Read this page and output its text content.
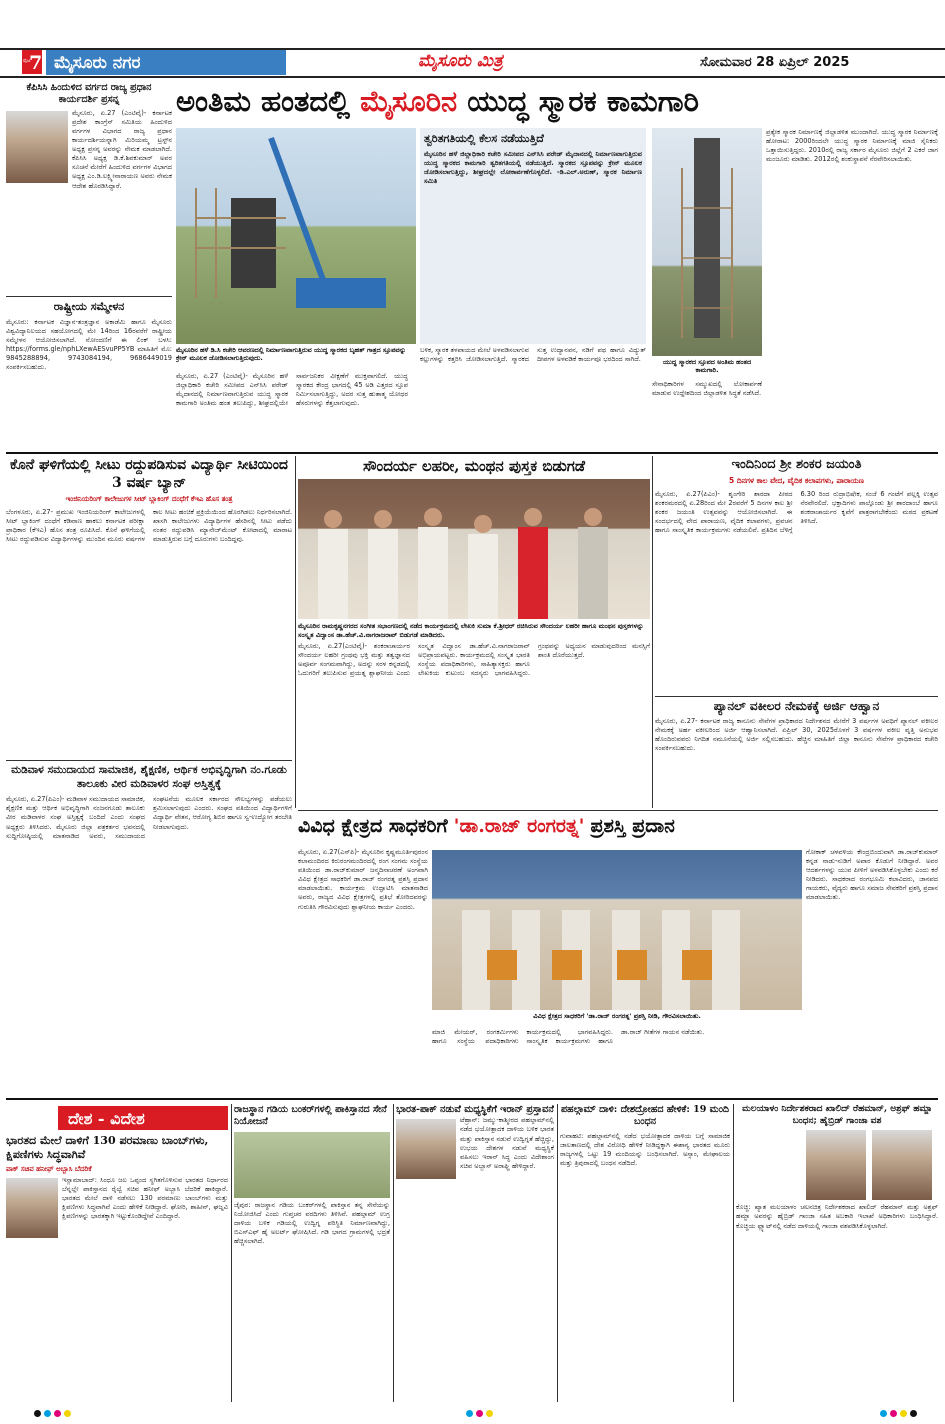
ಪುಟ
7 ಮೈಸೂರು ನಗರ	ಮೈಸೂರು ಮಿತ್ರ	ಸೋಮವಾರ 28 ಏಪ್ರಿಲ್ 2025
ಕೆಪಿಸಿಸಿ ಹಿಂದುಳಿದ ವರ್ಗದ ರಾಜ್ಯ ಪ್ರಧಾನ ಕಾರ್ಯದರ್ಶಿ ಪ್ರಸನ್ನ
ಮೈಸೂರು, ಏ.27 (ಎಂಟಿವೈ)- ಕರ್ನಾಟಕ ಪ್ರದೇಶ ಕಾಂಗ್ರೆಸ್ ಸಮಿತಿಯ ಹಿಂದುಳಿದ ವರ್ಗಗಳ ವಿಭಾಗದ ರಾಜ್ಯ ಪ್ರಧಾನ ಕಾರ್ಯದರ್ಶಿಯನ್ನಾಗಿ ಮಿರಿಯಮ್ಮ ಟ್ರಸ್ಟ್‌ನ ಅಧ್ಯಕ್ಷ ಪ್ರಸನ್ನ ಅವರನ್ನು ನೇಮಕ ಮಾಡಲಾಗಿದೆ. ಕೆಪಿಸಿಸಿ ಅಧ್ಯಕ್ಷ ಡಿ.ಕೆ.ಶಿವಕುಮಾರ್ ಅವರ ಸೂಚನೆ ಮೇರೆಗೆ ಹಿಂದುಳಿದ ವರ್ಗಗಳ ವಿಭಾಗದ ಅಧ್ಯಕ್ಷ ಎಂ.ಡಿ.ಲಕ್ಷ್ಮೀನಾರಾಯಣ ಅವರು ನೇಮಕ ಆದೇಶ ಹೊರಡಿಸಿದ್ದಾರೆ.
ರಾಷ್ಟ್ರೀಯ ಸಮ್ಮೇಳನ
ಮೈಸೂರು: ಕರ್ನಾಟಕ ವಿಜ್ಞಾನ-ತಂತ್ರಜ್ಞಾನ ಅಕಾಡೆಮಿ ಹಾಗೂ ಮೈಸೂರು ವಿಶ್ವವಿದ್ಯಾನಿಲಯದ ಸಹಯೋಗದಲ್ಲಿ ಮೇ 14ರಿಂದ 16ರವರೆಗೆ ರಾಷ್ಟ್ರೀಯ ಸಮ್ಮೇಳನ ಆಯೋಜಿಸಲಾಗಿದೆ. ನೋಂದಣಿಗೆ ಈ ಲಿಂಕ್ ಬಳಸಿ: https://forms.gle/nphLXewAESvuPP5YB ಮಾಹಿತಿಗೆ ಮೊ: 9845288894, 9743084194, 9686449019 ಸಂಪರ್ಕಿಸಬಹುದು.
ಅಂತಿಮ ಹಂತದಲ್ಲಿ ಮೈಸೂರಿನ ಯುದ್ಧ ಸ್ಮಾರಕ ಕಾಮಗಾರಿ
ಮೈಸೂರಿನ ಹಳೆ ಡಿ.ಸಿ ಕಚೇರಿ ಆವರಣದಲ್ಲಿ ನಿರ್ಮಾಣವಾಗುತ್ತಿರುವ ಯುದ್ಧ ಸ್ಮಾರಕದ ಬೃಹತ್ ಗಾತ್ರದ ಸ್ತೂಪವನ್ನು ಕ್ರೇನ್ ಮೂಲಕ ಜೋಡಿಸಲಾಗುತ್ತಿರುವುದು.
ತ್ವರಿತಗತಿಯಲ್ಲಿ ಕೆಲಸ ನಡೆಯುತ್ತಿದೆ
ಮೈಸೂರಿನ ಹಳೆ ಜಿಲ್ಲಾಧಿಕಾರಿ ಕಚೇರಿ ಸಮೀಪದ ಎನ್‌ಸಿಸಿ ಪರೇಡ್ ಮೈದಾನದಲ್ಲಿ ನಿರ್ಮಾಣವಾಗುತ್ತಿರುವ ಯುದ್ಧ ಸ್ಮಾರಕದ ಕಾಮಗಾರಿ ತ್ವರಿತಗತಿಯಲ್ಲಿ ನಡೆಯುತ್ತಿದೆ. ಸ್ಮಾರಕದ ಸ್ತೂಪವನ್ನು ಕ್ರೇನ್ ಮೂಲಕ ಜೋಡಿಸಲಾಗುತ್ತಿದ್ದು, ಶೀಘ್ರದಲ್ಲೇ ಲೋಕಾರ್ಪಣೆಗೊಳ್ಳಲಿದೆ. -ಡಿ.ಎಲ್.ಅರುಣ್, ಸ್ಮಾರಕ ನಿರ್ಮಾಣ ಸಮಿತಿ
ಮೈಸೂರು, ಏ.27 (ಎಂಟಿವೈ)- ಮೈಸೂರಿನ ಹಳೆ ಜಿಲ್ಲಾಧಿಕಾರಿ ಕಚೇರಿ ಸಮೀಪದ ಎನ್‌ಸಿಸಿ ಪರೇಡ್ ಮೈದಾನದಲ್ಲಿ ನಿರ್ಮಾಣವಾಗುತ್ತಿರುವ ಯುದ್ಧ ಸ್ಮಾರಕ ಕಾಮಗಾರಿ ಅಂತಿಮ ಹಂತ ತಲುಪಿದ್ದು, ಶೀಘ್ರದಲ್ಲಿಯೇ ಸಾರ್ವಜನಿಕರ ವೀಕ್ಷಣೆಗೆ ಮುಕ್ತವಾಗಲಿದೆ. ಯುದ್ಧ ಸ್ಮಾರಕದ ಕೇಂದ್ರ ಭಾಗದಲ್ಲಿ 45 ಅಡಿ ಎತ್ತರದ ಸ್ತೂಪ ನಿರ್ಮಿಸಲಾಗುತ್ತಿದ್ದು, ಅದರ ಸುತ್ತ ಹುತಾತ್ಮ ಯೋಧರ ಹೆಸರುಗಳನ್ನು ಕೆತ್ತಲಾಗುವುದು.
ಬಳಿಕ, ಸ್ಮಾರಕ ತಳಪಾಯದ ಮೇಲೆ ಅಳವಡಿಸಲಾಗುವ ಕಲ್ಲುಗಳನ್ನು ಕತ್ತರಿಸಿ ಜೋಡಿಸಲಾಗುತ್ತಿದೆ. ಸ್ಮಾರಕದ ಸುತ್ತ ಉದ್ಯಾನವನ, ನಡಿಗೆ ಪಥ ಹಾಗೂ ವಿದ್ಯುತ್ ದೀಪಗಳ ಅಳವಡಿಕೆ ಕಾರ್ಯವೂ ಭರದಿಂದ ಸಾಗಿದೆ.	ಯುದ್ಧ ಸ್ಮಾರಕದ ಸ್ತೂಪದ ಅಂತಿಮ ಹಂತದ ಕಾಮಗಾರಿ.
ಸೇನಾಧಿಕಾರಿಗಳ ಸಮ್ಮುಖದಲ್ಲಿ ಲೋಕಾರ್ಪಣೆ ಮಾಡುವ ಉದ್ದೇಶದಿಂದ ಜಿಲ್ಲಾಡಳಿತ ಸಿದ್ಧತೆ ನಡೆಸಿದೆ.
ಪ್ರತ್ಯೇಕ ಸ್ಮಾರಕ ನಿರ್ಮಾಣಕ್ಕೆ ಜಿಲ್ಲಾಡಳಿತ ಮುಂದಾಗಿದೆ. ಯುದ್ಧ ಸ್ಮಾರಕ ನಿರ್ಮಾಣಕ್ಕೆ ಹೋರಾಟ: 2000ರಿಂದಲೇ ಯುದ್ಧ ಸ್ಮಾರಕ ನಿರ್ಮಾಣಕ್ಕೆ ಮಾಜಿ ಸೈನಿಕರು ಒತ್ತಾಯಿಸುತ್ತಿದ್ದರು. 2010ರಲ್ಲಿ ರಾಜ್ಯ ಸರ್ಕಾರ ಮೈಸೂರು ಜಿಲ್ಲೆಗೆ 2 ಎಕರೆ ಜಾಗ ಮಂಜೂರು ಮಾಡಿತು. 2012ರಲ್ಲಿ ಶಂಕುಸ್ಥಾಪನೆ ನೆರವೇರಿಸಲಾಯಿತು.
ಕೊನೆ ಘಳಿಗೆಯಲ್ಲಿ ಸೀಟು ರದ್ದುಪಡಿಸುವ ವಿದ್ಯಾರ್ಥಿ ಸೀಟಿಯಿಂದ 3 ವರ್ಷ ಬ್ಯಾನ್
ಇಂಜಿನಿಯರಿಂಗ್ ಕಾಲೇಜುಗಳ ಸೀಟ್ ಬ್ಲಾಕಿಂಗ್ ದಂಧೆಗೆ ಕೆಇಎ ಹೊಸ ತಂತ್ರ
ಬೆಂಗಳೂರು, ಏ.27- ಪ್ರಮುಖ ಇಂಜಿನಿಯರಿಂಗ್ ಕಾಲೇಜುಗಳಲ್ಲಿ ಸೀಟ್ ಬ್ಲಾಕಿಂಗ್ ದಂಧೆಗೆ ಕಡಿವಾಣ ಹಾಕಲು ಕರ್ನಾಟಕ ಪರೀಕ್ಷಾ ಪ್ರಾಧಿಕಾರ (ಕೆಇಎ) ಹೊಸ ತಂತ್ರ ರೂಪಿಸಿದೆ. ಕೊನೆ ಘಳಿಗೆಯಲ್ಲಿ ಸೀಟು ರದ್ದುಪಡಿಸುವ ವಿದ್ಯಾರ್ಥಿಗಳನ್ನು ಮುಂದಿನ ಮೂರು ವರ್ಷಗಳ ಕಾಲ ಸೀಟು ಹಂಚಿಕೆ ಪ್ರಕ್ರಿಯೆಯಿಂದ ಹೊರಗಿಡಲು ನಿರ್ಧರಿಸಲಾಗಿದೆ. ಖಾಸಗಿ ಕಾಲೇಜುಗಳು ವಿದ್ಯಾರ್ಥಿಗಳ ಹೆಸರಿನಲ್ಲಿ ಸೀಟು ಪಡೆದು ನಂತರ ರದ್ದುಪಡಿಸಿ ಮ್ಯಾನೇಜ್‌ಮೆಂಟ್ ಕೋಟಾದಲ್ಲಿ ಮಾರಾಟ ಮಾಡುತ್ತಿರುವ ಬಗ್ಗೆ ದೂರುಗಳು ಬಂದಿದ್ದವು.
ಮಡಿವಾಳ ಸಮುದಾಯದ ಸಾಮಾಜಿಕ, ಶೈಕ್ಷಣಿಕ, ಆರ್ಥಿಕ ಅಭಿವೃದ್ಧಿಗಾಗಿ ನಂ.ಗೂಡು ತಾಲೂಕು ವೀರ ಮಡಿವಾಳರ ಸಂಘ ಅಸ್ತಿತ್ವಕ್ಕೆ
ಮೈಸೂರು, ಏ.27(ಪಿಎಂ)- ಮಡಿವಾಳ ಸಮುದಾಯದ ಸಾಮಾಜಿಕ, ಶೈಕ್ಷಣಿಕ ಮತ್ತು ಆರ್ಥಿಕ ಅಭಿವೃದ್ಧಿಗಾಗಿ ನಂಜನಗೂಡು ತಾಲೂಕು ವೀರ ಮಡಿವಾಳರ ಸಂಘ ಅಸ್ತಿತ್ವಕ್ಕೆ ಬಂದಿದೆ ಎಂದು ಸಂಘದ ಅಧ್ಯಕ್ಷರು ತಿಳಿಸಿದರು. ಮೈಸೂರು ಜಿಲ್ಲಾ ಪತ್ರಕರ್ತರ ಭವನದಲ್ಲಿ ಸುದ್ದಿಗೋಷ್ಠಿಯಲ್ಲಿ ಮಾತನಾಡಿದ ಅವರು, ಸಮುದಾಯದ ಸಂಘಟನೆಯ ಮೂಲಕ ಸರ್ಕಾರದ ಸೌಲಭ್ಯಗಳನ್ನು ಪಡೆಯಲು ಶ್ರಮಿಸಲಾಗುವುದು ಎಂದರು. ಸಂಘದ ವತಿಯಿಂದ ವಿದ್ಯಾರ್ಥಿಗಳಿಗೆ ವಿದ್ಯಾರ್ಥಿ ವೇತನ, ಆರೋಗ್ಯ ಶಿಬಿರ ಹಾಗೂ ಸ್ವ-ಉದ್ಯೋಗ ತರಬೇತಿ ನೀಡಲಾಗುವುದು.
ಸೌಂದರ್ಯ ಲಹರೀ, ಮಂಥನ ಪುಸ್ತಕ ಬಿಡುಗಡೆ
ಮೈಸೂರಿನ ರಾಮಕೃಷ್ಣನಗರದ ಸಂಗೀತ ಸಭಾಂಗಣದಲ್ಲಿ ನಡೆದ ಕಾರ್ಯಕ್ರಮದಲ್ಲಿ ಲೇಖಕಿ ಸುಮಾ ಕೆ.ಶ್ರೀಧರ್ ರಚಿಸಿರುವ ಸೌಂದರ್ಯ ಲಹರೀ ಹಾಗೂ ಮಂಥನ ಪುಸ್ತಕಗಳನ್ನು ಸಂಸ್ಕೃತ ವಿದ್ವಾಂಸ ಡಾ.ಹೆಚ್.ವಿ.ನಾಗರಾಜರಾವ್ ಬಿಡುಗಡೆ ಮಾಡಿದರು.
ಮೈಸೂರು, ಏ.27(ಎಂಟಿವೈ)- ಶಂಕರಾಚಾರ್ಯರ ಸೌಂದರ್ಯ ಲಹರೀ ಗ್ರಂಥವು ಭಕ್ತಿ ಮತ್ತು ತತ್ವಜ್ಞಾನದ ಅಪೂರ್ವ ಸಂಗಮವಾಗಿದ್ದು, ಅದನ್ನು ಸರಳ ಕನ್ನಡದಲ್ಲಿ ಓದುಗರಿಗೆ ತಲುಪಿಸುವ ಪ್ರಯತ್ನ ಶ್ಲಾಘನೀಯ ಎಂದು ಸಂಸ್ಕೃತ ವಿದ್ವಾಂಸ ಡಾ.ಹೆಚ್.ವಿ.ನಾಗರಾಜರಾವ್ ಅಭಿಪ್ರಾಯಪಟ್ಟರು. ಕಾರ್ಯಕ್ರಮದಲ್ಲಿ ಸಂಸ್ಕೃತ ಭಾರತಿ ಸಂಸ್ಥೆಯ ಪದಾಧಿಕಾರಿಗಳು, ಸಾಹಿತ್ಯಾಸಕ್ತರು ಹಾಗೂ ಲೇಖಕಿಯ ಕುಟುಂಬ ಸದಸ್ಯರು ಭಾಗವಹಿಸಿದ್ದರು. ಗ್ರಂಥವನ್ನು ಅಧ್ಯಯನ ಮಾಡುವುದರಿಂದ ಮನಸ್ಸಿಗೆ ಶಾಂತಿ ದೊರೆಯುತ್ತದೆ.
ಇಂದಿನಿಂದ ಶ್ರೀ ಶಂಕರ ಜಯಂತಿ
5 ದಿನಗಳ ಕಾಲ ವೇದ, ವೈದಿಕ ಕಲಾಪಗಳು, ಪಾರಾಯಣ
ಮೈಸೂರು, ಏ.27(ಪಿಎಂ)- ಶೃಂಗೇರಿ ಶಾರದಾ ಪೀಠದ ಶಂಕರಮಠದಲ್ಲಿ ಏ.28ರಿಂದ ಮೇ 2ರವರೆಗೆ 5 ದಿನಗಳ ಕಾಲ ಶ್ರೀ ಶಂಕರ ಜಯಂತಿ ಉತ್ಸವವನ್ನು ಆಯೋಜಿಸಲಾಗಿದೆ. ಈ ಸಂದರ್ಭದಲ್ಲಿ ವೇದ ಪಾರಾಯಣ, ವೈದಿಕ ಕಲಾಪಗಳು, ಪ್ರವಚನ ಹಾಗೂ ಸಾಂಸ್ಕೃತಿಕ ಕಾರ್ಯಕ್ರಮಗಳು ನಡೆಯಲಿವೆ. ಪ್ರತಿದಿನ ಬೆಳಿಗ್ಗೆ 6.30 ರಿಂದ ರುದ್ರಾಭಿಷೇಕ, ಸಂಜೆ 6 ಗಂಟೆಗೆ ಪಲ್ಲಕ್ಕಿ ಉತ್ಸವ ನೆರವೇರಲಿದೆ. ಭಕ್ತಾದಿಗಳು ಪಾಲ್ಗೊಂಡು ಶ್ರೀ ಶಾರದಾಂಬೆ ಹಾಗೂ ಶಂಕರಾಚಾರ್ಯರ ಕೃಪೆಗೆ ಪಾತ್ರರಾಗಬೇಕೆಂದು ಮಠದ ಪ್ರಕಟಣೆ ತಿಳಿಸಿದೆ.
ಪ್ಯಾನಲ್ ವಕೀಲರ ನೇಮಕಕ್ಕೆ ಅರ್ಜಿ ಆಹ್ವಾನ
ಮೈಸೂರು, ಏ.27- ಕರ್ನಾಟಕ ರಾಜ್ಯ ಕಾನೂನು ಸೇವೆಗಳ ಪ್ರಾಧಿಕಾರದ ನಿರ್ದೇಶನದ ಮೇರೆಗೆ 3 ವರ್ಷಗಳ ಅವಧಿಗೆ ಪ್ಯಾನಲ್ ವಕೀಲರ ನೇಮಕಕ್ಕೆ ಅರ್ಹ ವಕೀಲರಿಂದ ಅರ್ಜಿ ಆಹ್ವಾನಿಸಲಾಗಿದೆ. ಏಪ್ರಿಲ್ 30, 2025ರೊಳಗೆ 3 ವರ್ಷಗಳ ವಕೀಲ ವೃತ್ತಿ ಅನುಭವ ಹೊಂದಿರುವವರು ನಿಗದಿತ ನಮೂನೆಯಲ್ಲಿ ಅರ್ಜಿ ಸಲ್ಲಿಸಬಹುದು. ಹೆಚ್ಚಿನ ಮಾಹಿತಿಗೆ ಜಿಲ್ಲಾ ಕಾನೂನು ಸೇವೆಗಳ ಪ್ರಾಧಿಕಾರದ ಕಚೇರಿ ಸಂಪರ್ಕಿಸಬಹುದು.
ವಿವಿಧ ಕ್ಷೇತ್ರದ ಸಾಧಕರಿಗೆ 'ಡಾ.ರಾಜ್ ರಂಗರತ್ನ' ಪ್ರಶಸ್ತಿ ಪ್ರದಾನ
ಮೈಸೂರು, ಏ.27(ಎಸ್‌ಪಿ)- ಮೈಸೂರಿನ ಕೃಷ್ಣಮೂರ್ತಿಪುರಂನ ಕಲಾಮಂದಿರದ ಕಿರುರಂಗಮಂದಿರದಲ್ಲಿ ರಂಗ ಸಂಗಮ ಸಂಸ್ಥೆಯ ವತಿಯಿಂದ ಡಾ.ರಾಜ್‌ಕುಮಾರ್ ಜನ್ಮದಿನಾಚರಣೆ ಅಂಗವಾಗಿ ವಿವಿಧ ಕ್ಷೇತ್ರದ ಸಾಧಕರಿಗೆ ಡಾ.ರಾಜ್ ರಂಗರತ್ನ ಪ್ರಶಸ್ತಿ ಪ್ರದಾನ ಮಾಡಲಾಯಿತು. ಕಾರ್ಯಕ್ರಮ ಉದ್ಘಾಟಿಸಿ ಮಾತನಾಡಿದ ಅವರು, ರಾಜ್ಯದ ವಿವಿಧ ಕ್ಷೇತ್ರಗಳಲ್ಲಿ ಪ್ರತಿಭೆ ತೋರಿದವರನ್ನು ಗುರುತಿಸಿ ಗೌರವಿಸುವುದು ಶ್ಲಾಘನೀಯ ಕಾರ್ಯ ಎಂದರು.
ವಿವಿಧ ಕ್ಷೇತ್ರದ ಸಾಧಕರಿಗೆ 'ಡಾ.ರಾಜ್ ರಂಗರತ್ನ' ಪ್ರಶಸ್ತಿ ನೀಡಿ, ಗೌರವಿಸಲಾಯಿತು.
ಮಾಜಿ ಮೇಯರ್, ರಂಗಕರ್ಮಿಗಳು ಹಾಗೂ ಸಂಸ್ಥೆಯ ಪದಾಧಿಕಾರಿಗಳು ಕಾರ್ಯಕ್ರಮದಲ್ಲಿ ಭಾಗವಹಿಸಿದ್ದರು. ಸಾಂಸ್ಕೃತಿಕ ಕಾರ್ಯಕ್ರಮಗಳು ಹಾಗೂ ಡಾ.ರಾಜ್ ಗೀತೆಗಳ ಗಾಯನ ನಡೆಯಿತು.
ಗೋಕಾಕ್ ಚಳವಳಿಯ ಕೇಂದ್ರಬಿಂದುವಾಗಿ ಡಾ.ರಾಜ್‌ಕುಮಾರ್ ಕನ್ನಡ ನಾಡು-ನುಡಿಗೆ ಅಪಾರ ಕೊಡುಗೆ ನೀಡಿದ್ದಾರೆ. ಅವರ ಆದರ್ಶಗಳನ್ನು ಯುವ ಪೀಳಿಗೆ ಅಳವಡಿಸಿಕೊಳ್ಳಬೇಕು ಎಂದು ಕರೆ ನೀಡಿದರು. ಸಾಧಕರಾದ ರಂಗಭೂಮಿ ಕಲಾವಿದರು, ಜಾನಪದ ಗಾಯಕರು, ವೈದ್ಯರು ಹಾಗೂ ಸಮಾಜ ಸೇವಕರಿಗೆ ಪ್ರಶಸ್ತಿ ಪ್ರದಾನ ಮಾಡಲಾಯಿತು.
ದೇಶ - ವಿದೇಶ
ಭಾರತದ ಮೇಲೆ ದಾಳಿಗೆ 130 ಪರಮಾಣು ಬಾಂಬ್‌ಗಳು, ಕ್ಷಿಪಣಿಗಳು ಸಿದ್ಧವಾಗಿವೆ
ಪಾಕ್ ಸಚಿವ ಹನೀಫ್ ಅಬ್ಬಾಸಿ ಬೆದರಿಕೆ
ಇಸ್ಲಾಮಾಬಾದ್: ಸಿಂಧೂ ಜಲ ಒಪ್ಪಂದ ಸ್ಥಗಿತಗೊಳಿಸುವ ಭಾರತದ ನಿರ್ಧಾರದ ಬೆನ್ನಲ್ಲೇ ಪಾಕಿಸ್ತಾನದ ರೈಲ್ವೆ ಸಚಿವ ಹನೀಫ್ ಅಬ್ಬಾಸಿ ಬೆದರಿಕೆ ಹಾಕಿದ್ದಾರೆ. ಭಾರತದ ಮೇಲೆ ದಾಳಿ ನಡೆಸಲು 130 ಪರಮಾಣು ಬಾಂಬ್‌ಗಳು ಮತ್ತು ಕ್ಷಿಪಣಿಗಳು ಸಿದ್ಧವಾಗಿವೆ ಎಂದು ಹೇಳಿಕೆ ನೀಡಿದ್ದಾರೆ. ಘೋರಿ, ಶಾಹೀನ್, ಘಜ್ನವಿ ಕ್ಷಿಪಣಿಗಳನ್ನು ಭಾರತಕ್ಕಾಗಿ ಇಟ್ಟುಕೊಂಡಿದ್ದೇವೆ ಎಂದಿದ್ದಾರೆ.
ರಾಜಸ್ಥಾನ ಗಡಿಯ ಬಂಕರ್‌ಗಳಲ್ಲಿ ಪಾಕಿಸ್ತಾನದ ಸೇನೆ ನಿಯೋಜನೆ
ಜೈಪುರ: ರಾಜಸ್ಥಾನ ಗಡಿಯ ಬಂಕರ್‌ಗಳಲ್ಲಿ ಪಾಕಿಸ್ತಾನ ತನ್ನ ಸೇನೆಯನ್ನು ನಿಯೋಜಿಸಿದೆ ಎಂದು ಗುಪ್ತಚರ ವರದಿಗಳು ತಿಳಿಸಿವೆ. ಪಹಲ್ಗಾಮ್ ಉಗ್ರ ದಾಳಿಯ ಬಳಿಕ ಗಡಿಯಲ್ಲಿ ಉದ್ವಿಗ್ನ ಪರಿಸ್ಥಿತಿ ನಿರ್ಮಾಣವಾಗಿದ್ದು, ಬಿಎಸ್‌ಎಫ್ ಹೈ ಅಲರ್ಟ್ ಘೋಷಿಸಿದೆ. ಗಡಿ ಭಾಗದ ಗ್ರಾಮಗಳಲ್ಲಿ ಭದ್ರತೆ ಹೆಚ್ಚಿಸಲಾಗಿದೆ.
ಭಾರತ-ಪಾಕ್ ನಡುವೆ ಮಧ್ಯಸ್ಥಿಕೆಗೆ ಇರಾನ್ ಪ್ರಸ್ತಾವನೆ
ಟೆಹ್ರಾನ್: ಜಮ್ಮು-ಕಾಶ್ಮೀರದ ಪಹಲ್ಗಾಮ್‌ನಲ್ಲಿ ನಡೆದ ಭಯೋತ್ಪಾದಕ ದಾಳಿಯ ಬಳಿಕ ಭಾರತ ಮತ್ತು ಪಾಕಿಸ್ತಾನ ನಡುವೆ ಉದ್ವಿಗ್ನತೆ ಹೆಚ್ಚಿದ್ದು, ಉಭಯ ದೇಶಗಳ ನಡುವೆ ಮಧ್ಯಸ್ಥಿಕೆ ವಹಿಸಲು ಇರಾನ್ ಸಿದ್ಧ ಎಂದು ವಿದೇಶಾಂಗ ಸಚಿವ ಅಬ್ಬಾಸ್ ಅರಾಘ್ಚಿ ಹೇಳಿದ್ದಾರೆ.
ಪಹಲ್ಗಾಮ್ ದಾಳಿ: ದೇಶದ್ರೋಹದ ಹೇಳಿಕೆ: 19 ಮಂದಿ ಬಂಧನ
ಗುವಾಹಟಿ: ಪಹಲ್ಗಾಮ್‌ನಲ್ಲಿ ನಡೆದ ಭಯೋತ್ಪಾದಕ ದಾಳಿಯ ಬಗ್ಗೆ ಸಾಮಾಜಿಕ ಜಾಲತಾಣದಲ್ಲಿ ದೇಶ ವಿರೋಧಿ ಹೇಳಿಕೆ ನೀಡಿದ್ದಕ್ಕಾಗಿ ಈಶಾನ್ಯ ಭಾರತದ ಮೂರು ರಾಜ್ಯಗಳಲ್ಲಿ ಒಟ್ಟು 19 ಮಂದಿಯನ್ನು ಬಂಧಿಸಲಾಗಿದೆ. ಅಸ್ಸಾಂ, ಮೇಘಾಲಯ ಮತ್ತು ತ್ರಿಪುರಾದಲ್ಲಿ ಬಂಧನ ನಡೆದಿದೆ.
ಮಲಯಾಳಂ ನಿರ್ದೇಶಕರಾದ ಖಾಲಿದ್ ರೆಹಮಾನ್, ಅಶ್ರಫ್ ಹಮ್ಜಾ ಬಂಧನ; ಹೈಬ್ರಿಡ್ ಗಾಂಜಾ ವಶ
ಕೊಚ್ಚಿ: ಖ್ಯಾತ ಮಲಯಾಳಂ ಚಲನಚಿತ್ರ ನಿರ್ದೇಶಕರಾದ ಖಾಲಿದ್ ರೆಹಮಾನ್ ಮತ್ತು ಅಶ್ರಫ್ ಹಮ್ಜಾ ಅವರನ್ನು ಹೈಬ್ರಿಡ್ ಗಾಂಜಾ ಸಹಿತ ಅಬಕಾರಿ ಇಲಾಖೆ ಅಧಿಕಾರಿಗಳು ಬಂಧಿಸಿದ್ದಾರೆ. ಕೊಚ್ಚಿಯ ಫ್ಲ್ಯಾಟ್‌ನಲ್ಲಿ ನಡೆದ ದಾಳಿಯಲ್ಲಿ ಗಾಂಜಾ ವಶಪಡಿಸಿಕೊಳ್ಳಲಾಗಿದೆ.
